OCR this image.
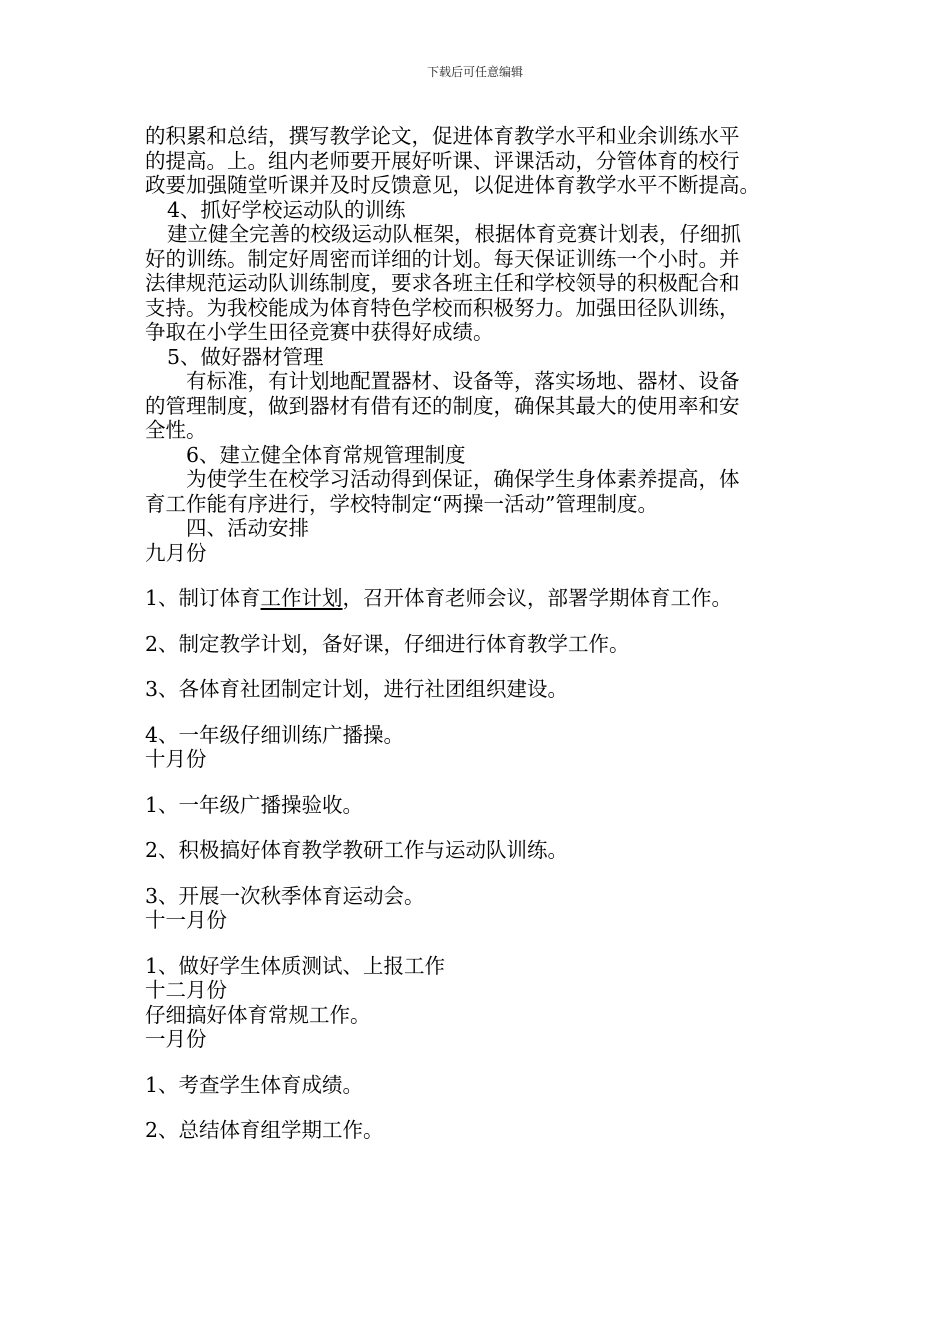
下载后可任意编辑

的积累和总结，撰写教学论文，促进体育教学水平和业余训练水平

的提高。上。组内老师要开展好听课、评课活动，分管体育的校行

政要加强随堂听课并及时反馈意见，以促进体育教学水平不断提高。

4、抓好学校运动队的训练

建立健全完善的校级运动队框架，根据体育竞赛计划表，仔细抓

好的训练。制定好周密而详细的计划。每天保证训练一个小时。并

法律规范运动队训练制度，要求各班主任和学校领导的积极配合和

支持。为我校能成为体育特色学校而积极努力。加强田径队训练，

争取在小学生田径竞赛中获得好成绩。

5、做好器材管理

有标准，有计划地配置器材、设备等，落实场地、器材、设备

的管理制度，做到器材有借有还的制度，确保其最大的使用率和安

全性。

6、建立健全体育常规管理制度

为使学生在校学习活动得到保证，确保学生身体素养提高，体

育工作能有序进行，学校特制定“两操一活动”管理制度。

四、活动安排

九月份

1、制订体育工作计划，召开体育老师会议，部署学期体育工作。

2、制定教学计划，备好课，仔细进行体育教学工作。

3、各体育社团制定计划，进行社团组织建设。

4、一年级仔细训练广播操。

十月份

1、一年级广播操验收。

2、积极搞好体育教学教研工作与运动队训练。

3、开展一次秋季体育运动会。

十一月份

1、做好学生体质测试、上报工作

十二月份

仔细搞好体育常规工作。

一月份

1、考查学生体育成绩。

2、总结体育组学期工作。
